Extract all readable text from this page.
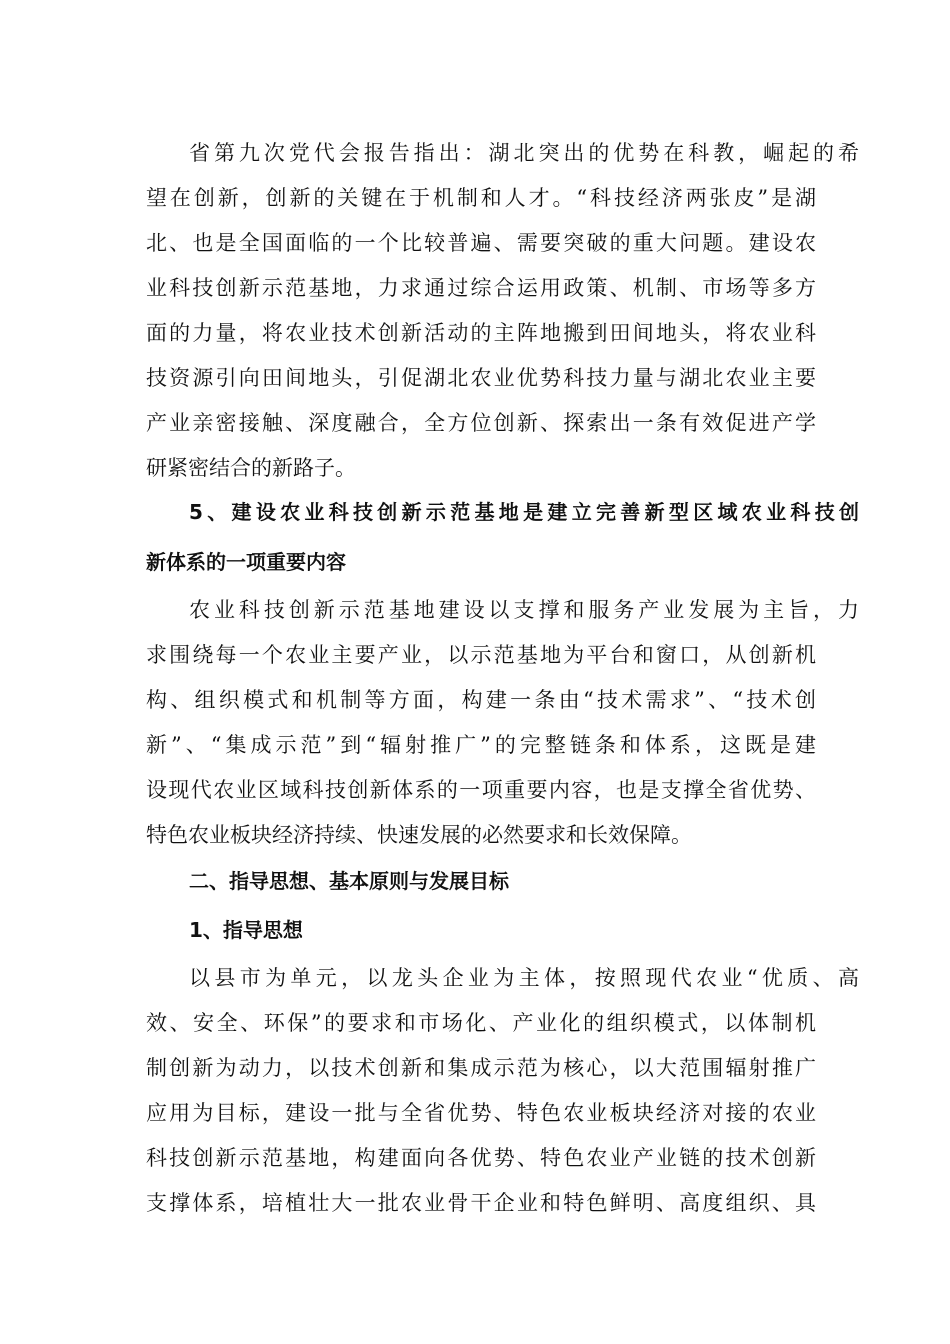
省第九次党代会报告指出：湖北突出的优势在科教，崛起的希
望在创新，创新的关键在于机制和人才。“科技经济两张皮”是湖
北、也是全国面临的一个比较普遍、需要突破的重大问题。建设农
业科技创新示范基地，力求通过综合运用政策、机制、市场等多方
面的力量，将农业技术创新活动的主阵地搬到田间地头，将农业科
技资源引向田间地头，引促湖北农业优势科技力量与湖北农业主要
产业亲密接触、深度融合，全方位创新、探索出一条有效促进产学
研紧密结合的新路子。
5、建设农业科技创新示范基地是建立完善新型区域农业科技创
新体系的一项重要内容
农业科技创新示范基地建设以支撑和服务产业发展为主旨，力
求围绕每一个农业主要产业，以示范基地为平台和窗口，从创新机
构、组织模式和机制等方面，构建一条由“技术需求”、“技术创
新”、“集成示范”到“辐射推广”的完整链条和体系，这既是建
设现代农业区域科技创新体系的一项重要内容，也是支撑全省优势、
特色农业板块经济持续、快速发展的必然要求和长效保障。
二、指导思想、基本原则与发展目标
1、指导思想
以县市为单元，以龙头企业为主体，按照现代农业“优质、高
效、安全、环保”的要求和市场化、产业化的组织模式，以体制机
制创新为动力，以技术创新和集成示范为核心，以大范围辐射推广
应用为目标，建设一批与全省优势、特色农业板块经济对接的农业
科技创新示范基地，构建面向各优势、特色农业产业链的技术创新
支撑体系，培植壮大一批农业骨干企业和特色鲜明、高度组织、具
